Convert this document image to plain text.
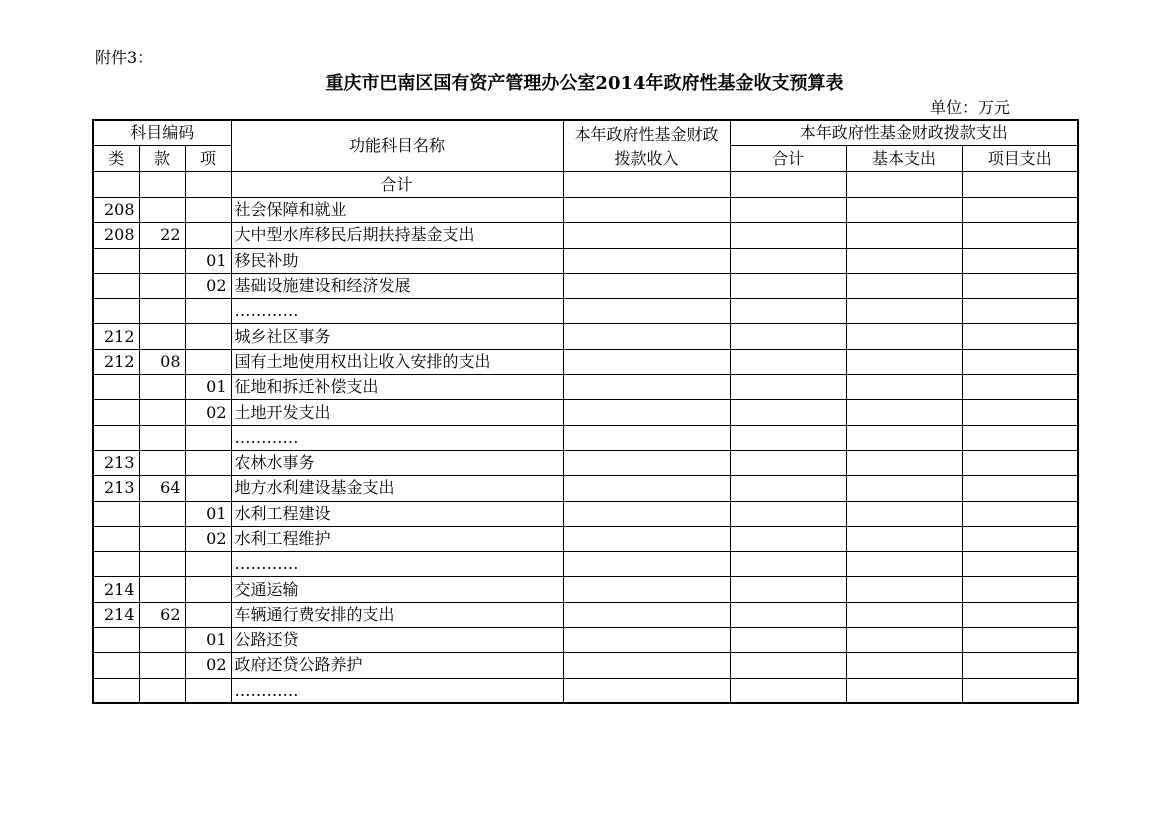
附件3：
重庆市巴南区国有资产管理办公室2014年政府性基金收支预算表
单位：万元
科目编码			功能科目名称	本年政府性基金财政拨款收入	本年政府性基金财政拨款支出		
类	款	项			合计	基本支出	项目支出
			合计				
208			社会保障和就业				
208	22		大中型水库移民后期扶持基金支出				
		01	移民补助				
		02	基础设施建设和经济发展				
			…………				
212			城乡社区事务				
212	08		国有土地使用权出让收入安排的支出				
		01	征地和拆迁补偿支出				
		02	土地开发支出				
			…………				
213			农林水事务				
213	64		地方水利建设基金支出				
		01	水利工程建设				
		02	水利工程维护				
			…………				
214			交通运输				
214	62		车辆通行费安排的支出				
		01	公路还贷				
		02	政府还贷公路养护				
			…………				
